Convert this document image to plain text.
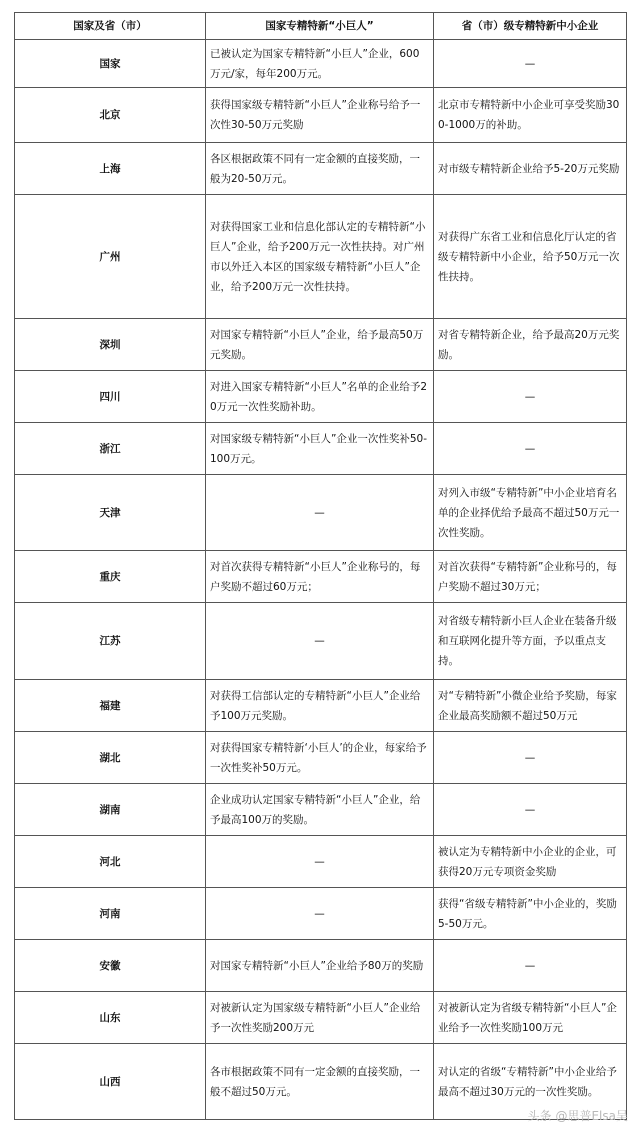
国家及省（市）	国家专精特新“小巨人”	省（市）级专精特新中小企业
国家	已被认定为国家专精特新“小巨人”企业，600万元/家，每年200万元。	—
北京	获得国家级专精特新“小巨人”企业称号给予一次性30-50万元奖励	北京市专精特新中小企业可享受奖励300-1000万的补助。
上海	各区根据政策不同有一定金额的直接奖励，一般为20-50万元。	对市级专精特新企业给予5-20万元奖励
广州	对获得国家工业和信息化部认定的专精特新“小巨人”企业，给予200万元一次性扶持。对广州市以外迁入本区的国家级专精特新“小巨人”企业，给予200万元一次性扶持。	对获得广东省工业和信息化厅认定的省级专精特新中小企业，给予50万元一次性扶持。
深圳	对国家专精特新“小巨人”企业，给予最高50万元奖励。	对省专精特新企业，给予最高20万元奖励。
四川	对进入国家专精特新“小巨人”名单的企业给予20万元一次性奖励补助。	—
浙江	对国家级专精特新“小巨人”企业一次性奖补50-100万元。	—
天津	—	对列入市级“专精特新”中小企业培育名单的企业择优给予最高不超过50万元一次性奖励。
重庆	对首次获得专精特新“小巨人”企业称号的，每户奖励不超过60万元；	对首次获得“专精特新”企业称号的，每户奖励不超过30万元；
江苏	—	对省级专精特新小巨人企业在装备升级和互联网化提升等方面，予以重点支持。
福建	对获得工信部认定的专精特新“小巨人”企业给予100万元奖励。	对“专精特新”小微企业给予奖励，每家企业最高奖励额不超过50万元
湖北	对获得国家专精特新‘小巨人’的企业，每家给予一次性奖补50万元。	—
湖南	企业成功认定国家专精特新“小巨人”企业，给予最高100万的奖励。	—
河北	—	被认定为专精特新中小企业的企业，可获得20万元专项资金奖励
河南	—	获得“省级专精特新”中小企业的，奖励5-50万元。
安徽	对国家专精特新“小巨人”企业给予80万的奖励	—
山东	对被新认定为国家级专精特新“小巨人”企业给予一次性奖励200万元	对被新认定为省级专精特新“小巨人”企业给予一次性奖励100万元
山西	各市根据政策不同有一定金额的直接奖励，一般不超过50万元。	对认定的省级“专精特新”中小企业给予最高不超过30万元的一次性奖励。
头条 @思普Elsa吴
